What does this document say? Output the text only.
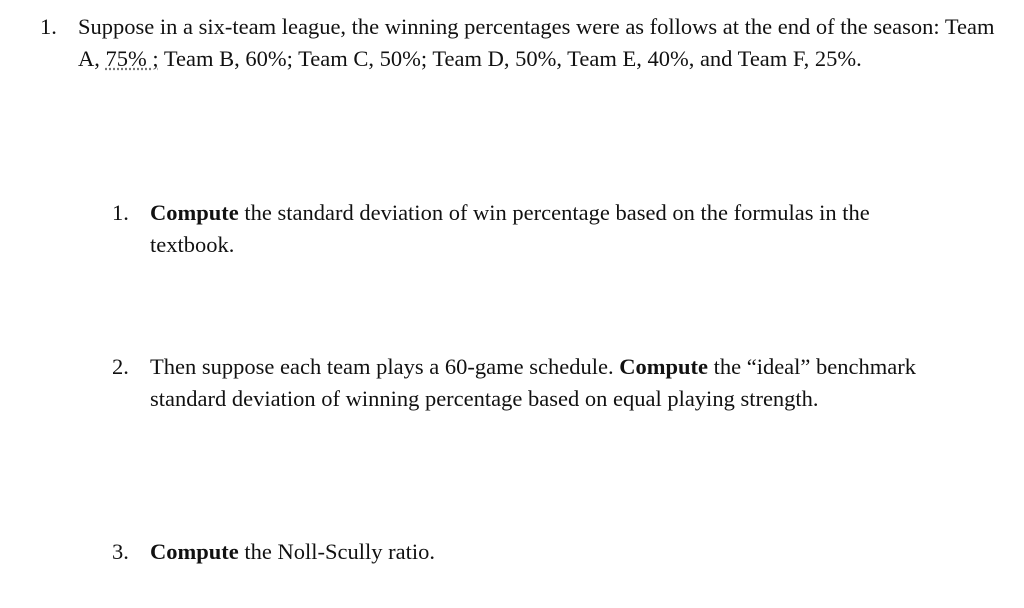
1. Suppose in a six-team league, the winning percentages were as follows at the end of the season: Team A, 75% ; Team B, 60%; Team C, 50%; Team D, 50%, Team E, 40%, and Team F, 25%.
1. Compute the standard deviation of win percentage based on the formulas in the textbook.
2. Then suppose each team plays a 60-game schedule. Compute the “ideal” benchmark standard deviation of winning percentage based on equal playing strength.
3. Compute the Noll-Scully ratio.
